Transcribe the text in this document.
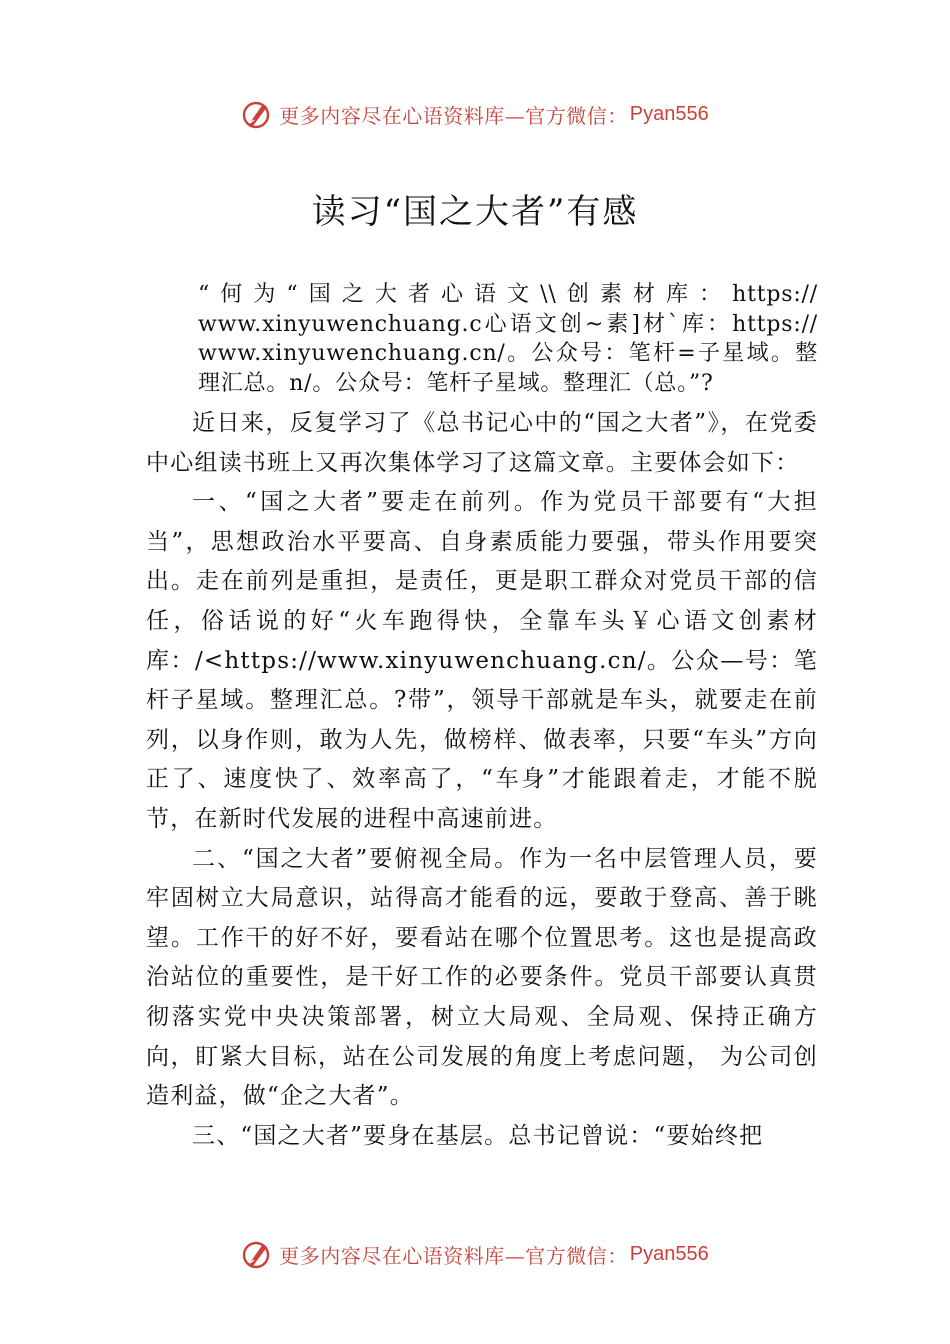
更多内容尽在心语资料库—官方微信： Pyan556
读习“国之大者”有感

“何为“国之大者心语文\\创素材库：https:// www.xinyuwenchuang.c心语文创~素]材`库：https:// www.xinyuwenchuang.cn/。公众号：笔杆=子星域。整理汇总。n/。公众号：笔杆子星域。整理汇（总。”?

近日来，反复学习了《总书记心中的“国之大者”》，在党委中心组读书班上又再次集体学习了这篇文章。主要体会如下：

一、“国之大者”要走在前列。作为党员干部要有“大担当”，思想政治水平要高、自身素质能力要强，带头作用要突出。走在前列是重担，是责任，更是职工群众对党员干部的信任，俗话说的好“火车跑得快，全靠车头￥心语文创素材库：/<https://www.xinyuwenchuang.cn/。公众—号：笔杆子星域。整理汇总。?带”，领导干部就是车头，就要走在前列，以身作则，敢为人先，做榜样、做表率，只要“车头”方向正了、速度快了、效率高了，“车身”才能跟着走，才能不脱节，在新时代发展的进程中高速前进。

二、“国之大者”要俯视全局。作为一名中层管理人员，要牢固树立大局意识，站得高才能看的远，要敢于登高、善于眺望。工作干的好不好，要看站在哪个位置思考。这也是提高政治站位的重要性，是干好工作的必要条件。党员干部要认真贯彻落实党中央决策部署，树立大局观、全局观、保持正确方向，盯紧大目标，站在公司发展的角度上考虑问题， 为公司创造利益，做“企之大者”。

三、“国之大者”要身在基层。总书记曾说：“要始终把

更多内容尽在心语资料库—官方微信： Pyan556
